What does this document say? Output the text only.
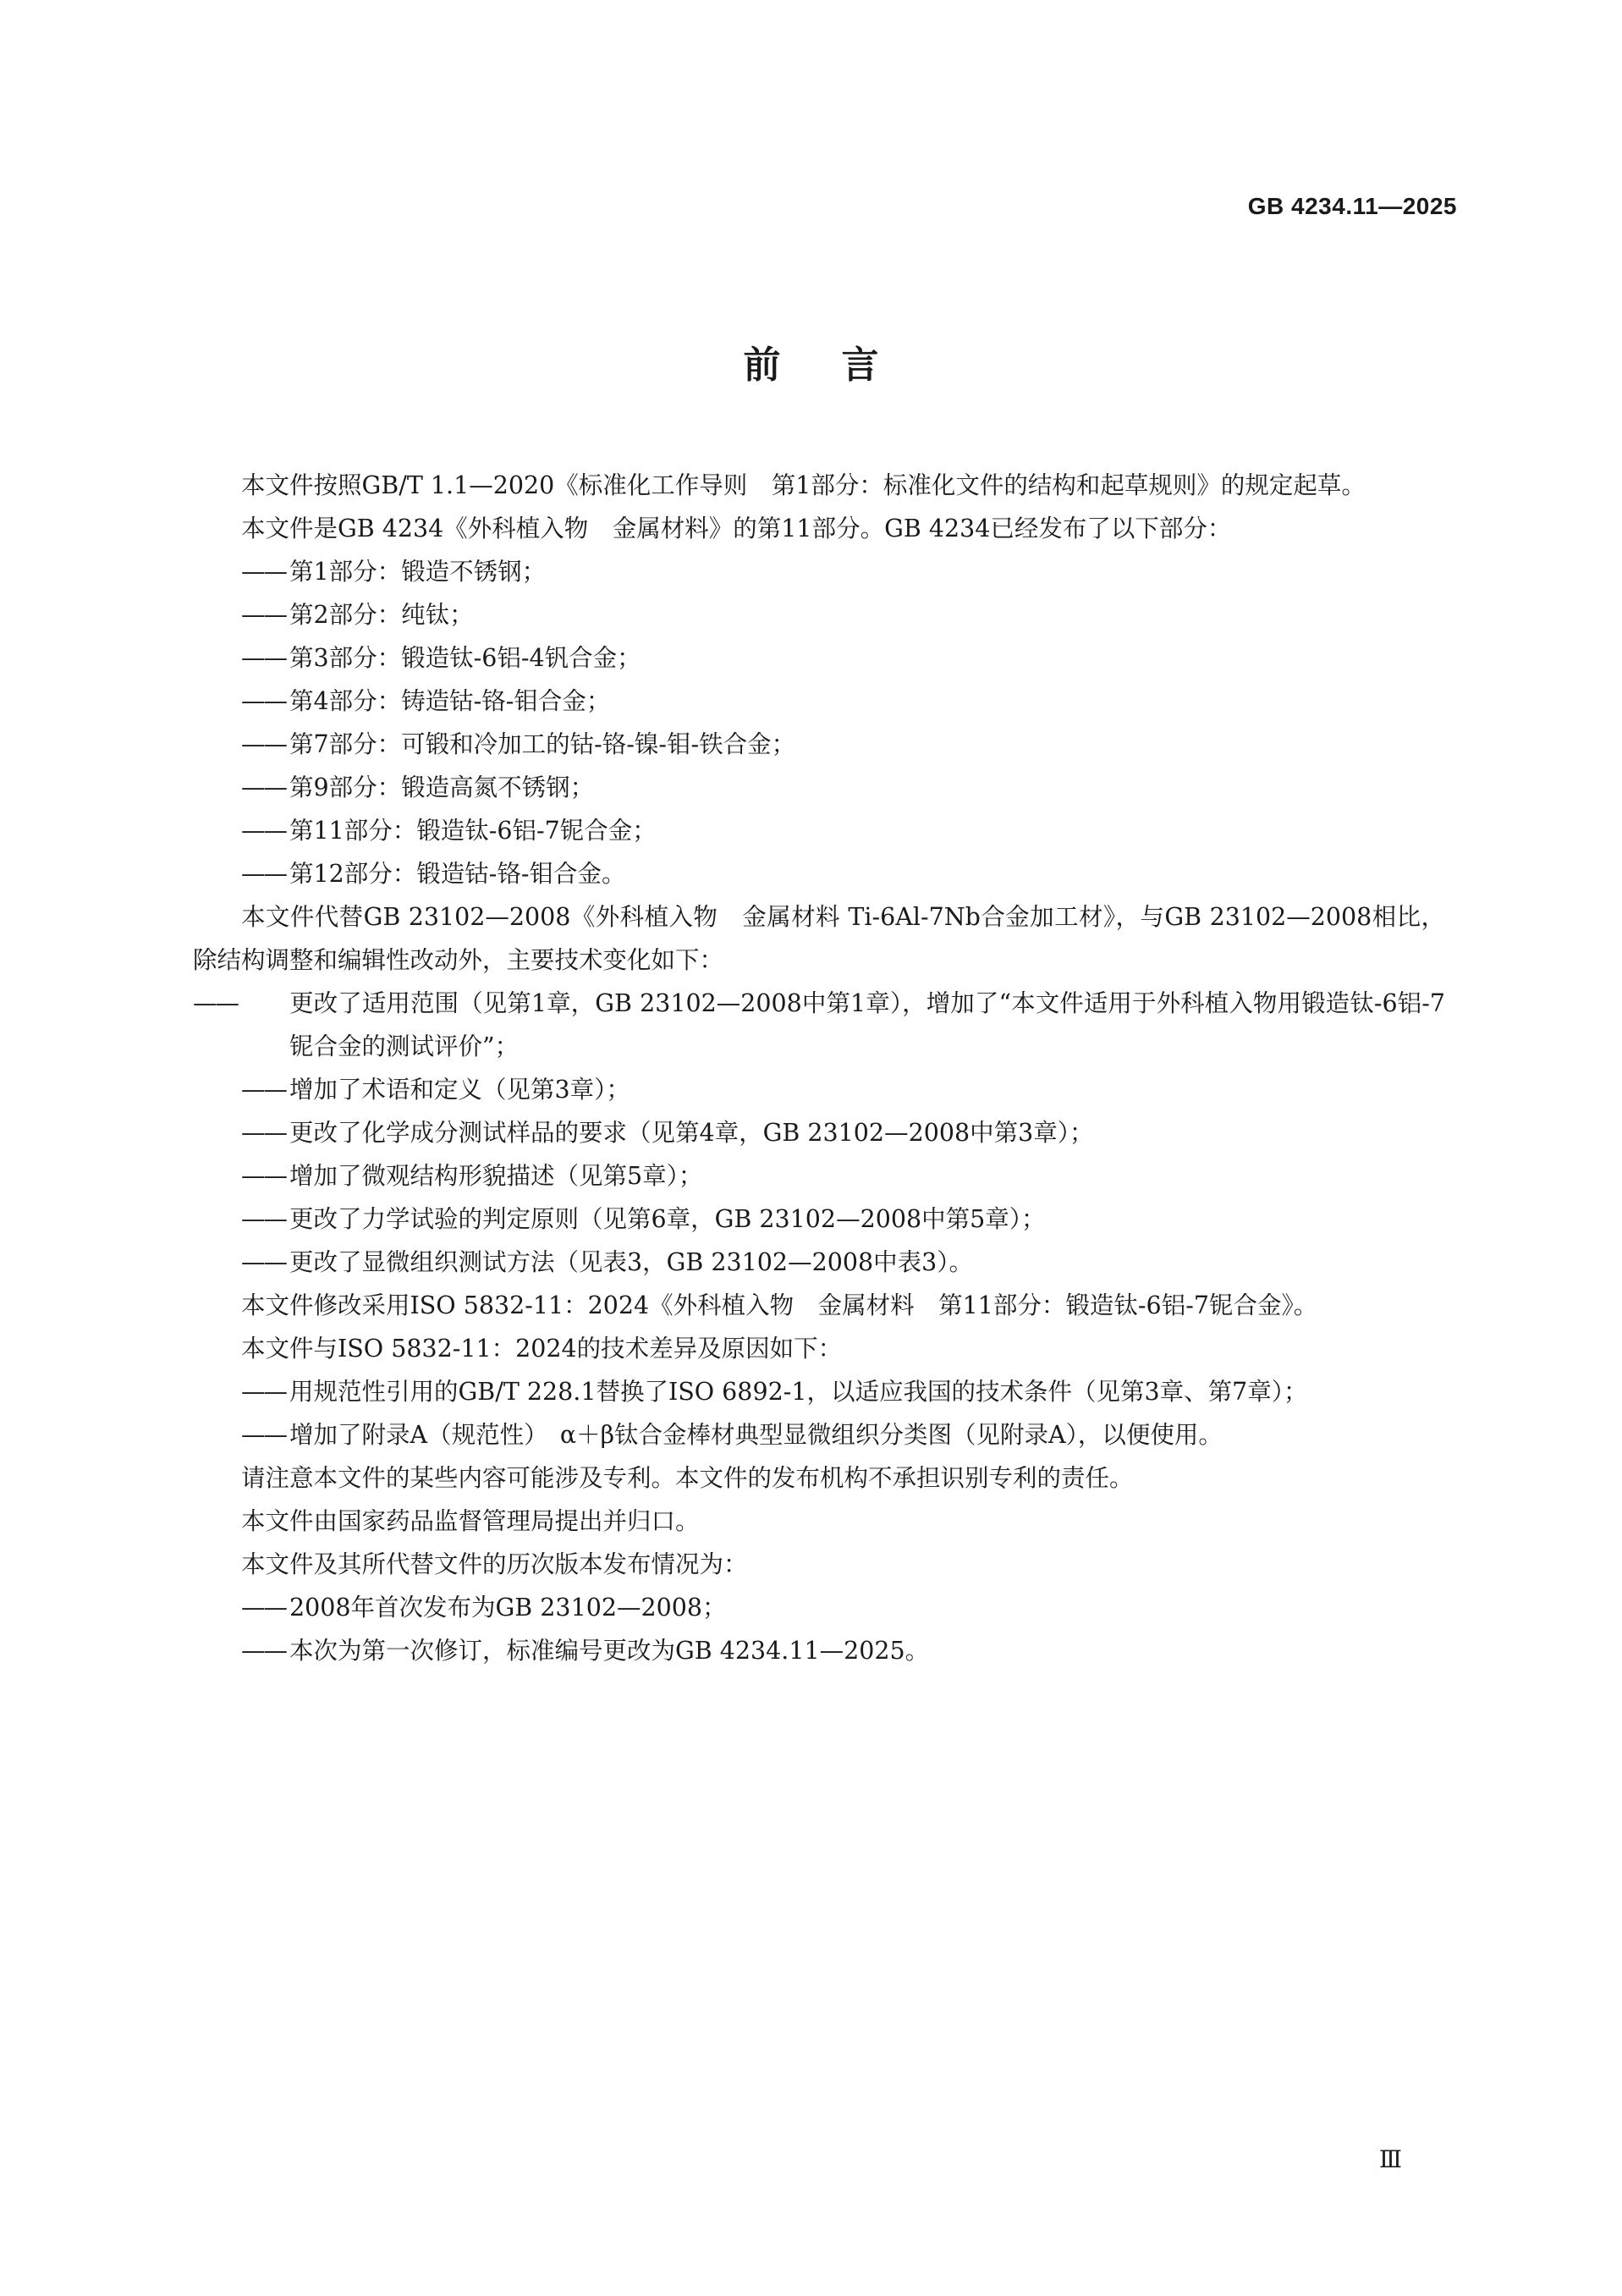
GB 4234.11—2025
前言
本文件按照GB/T 1.1—2020《标准化工作导则　第1部分：标准化文件的结构和起草规则》的规定起草。
本文件是GB 4234《外科植入物　金属材料》的第11部分。GB 4234已经发布了以下部分：
—— 第1部分：锻造不锈钢；
—— 第2部分：纯钛；
—— 第3部分：锻造钛-6铝-4钒合金；
—— 第4部分：铸造钴-铬-钼合金；
—— 第7部分：可锻和冷加工的钴-铬-镍-钼-铁合金；
—— 第9部分：锻造高氮不锈钢；
—— 第11部分：锻造钛-6铝-7铌合金；
—— 第12部分：锻造钴-铬-钼合金。
本文件代替GB 23102—2008《外科植入物　金属材料 Ti-6Al-7Nb合金加工材》，与GB 23102—2008相比，除结构调整和编辑性改动外，主要技术变化如下：
—— 更改了适用范围（见第1章，GB 23102—2008中第1章），增加了“本文件适用于外科植入物用锻造钛-6铝-7铌合金的测试评价”；
—— 增加了术语和定义（见第3章）；
—— 更改了化学成分测试样品的要求（见第4章，GB 23102—2008中第3章）；
—— 增加了微观结构形貌描述（见第5章）；
—— 更改了力学试验的判定原则（见第6章，GB 23102—2008中第5章）；
—— 更改了显微组织测试方法（见表3，GB 23102—2008中表3）。
本文件修改采用ISO 5832-11：2024《外科植入物　金属材料　第11部分：锻造钛-6铝-7铌合金》。
本文件与ISO 5832-11：2024的技术差异及原因如下：
—— 用规范性引用的GB/T 228.1替换了ISO 6892-1，以适应我国的技术条件（见第3章、第7章）；
—— 增加了附录A（规范性）　α＋β钛合金棒材典型显微组织分类图（见附录A），以便使用。
请注意本文件的某些内容可能涉及专利。本文件的发布机构不承担识别专利的责任。
本文件由国家药品监督管理局提出并归口。
本文件及其所代替文件的历次版本发布情况为：
—— 2008年首次发布为GB 23102—2008；
—— 本次为第一次修订，标准编号更改为GB 4234.11—2025。
Ⅲ
